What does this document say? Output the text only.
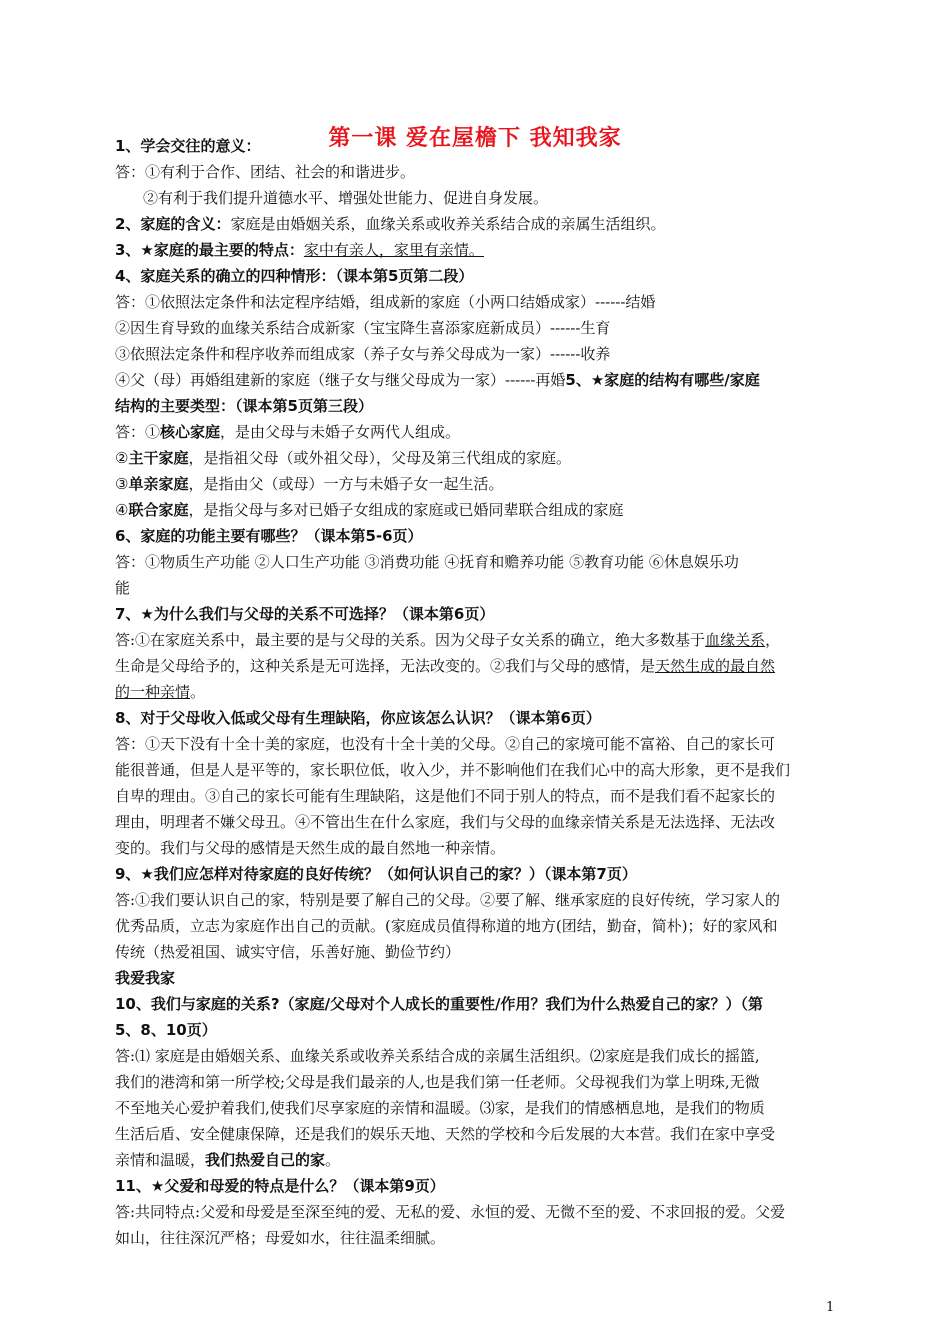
第一课 爱在屋檐下 我知我家
1、学会交往的意义：
答：①有利于合作、团结、社会的和谐进步。
②有利于我们提升道德水平、增强处世能力、促进自身发展。
2、家庭的含义：家庭是由婚姻关系，血缘关系或收养关系结合成的亲属生活组织。
3、★家庭的最主要的特点：家中有亲人，家里有亲情。
4、家庭关系的确立的四种情形：（课本第5页第二段）
答：①依照法定条件和法定程序结婚，组成新的家庭（小两口结婚成家）------结婚
②因生育导致的血缘关系结合成新家（宝宝降生喜添家庭新成员）------生育
③依照法定条件和程序收养而组成家（养子女与养父母成为一家）------收养
④父（母）再婚组建新的家庭（继子女与继父母成为一家）------再婚5、★家庭的结构有哪些/家庭
结构的主要类型：（课本第5页第三段）
答：①核心家庭，是由父母与未婚子女两代人组成。
②主干家庭，是指祖父母（或外祖父母），父母及第三代组成的家庭。
③单亲家庭，是指由父（或母）一方与未婚子女一起生活。
④联合家庭，是指父母与多对已婚子女组成的家庭或已婚同辈联合组成的家庭
6、家庭的功能主要有哪些？（课本第5-6页）
答：①物质生产功能 ②人口生产功能 ③消费功能 ④抚育和赡养功能 ⑤教育功能 ⑥休息娱乐功
能
7、★为什么我们与父母的关系不可选择？（课本第6页）
答:①在家庭关系中，最主要的是与父母的关系。因为父母子女关系的确立，绝大多数基于血缘关系，
生命是父母给予的，这种关系是无可选择，无法改变的。②我们与父母的感情，是天然生成的最自然
的一种亲情。
8、对于父母收入低或父母有生理缺陷，你应该怎么认识？（课本第6页）
答：①天下没有十全十美的家庭，也没有十全十美的父母。②自己的家境可能不富裕、自己的家长可
能很普通，但是人是平等的，家长职位低，收入少，并不影响他们在我们心中的高大形象，更不是我们
自卑的理由。③自己的家长可能有生理缺陷，这是他们不同于别人的特点，而不是我们看不起家长的
理由，明理者不嫌父母丑。④不管出生在什么家庭，我们与父母的血缘亲情关系是无法选择、无法改
变的。我们与父母的感情是天然生成的最自然地一种亲情。
9、★我们应怎样对待家庭的良好传统？（如何认识自己的家？）（课本第7页）
答:①我们要认识自己的家，特别是要了解自己的父母。②要了解、继承家庭的良好传统，学习家人的
优秀品质，立志为家庭作出自己的贡献。(家庭成员值得称道的地方(团结，勤奋，简朴)；好的家风和
传统（热爱祖国、诚实守信，乐善好施、勤俭节约）
我爱我家
10、我们与家庭的关系?（家庭/父母对个人成长的重要性/作用？我们为什么热爱自己的家？）（第
5、8、10页）
答:⑴ 家庭是由婚姻关系、血缘关系或收养关系结合成的亲属生活组织。⑵家庭是我们成长的摇篮,
我们的港湾和第一所学校;父母是我们最亲的人,也是我们第一任老师。父母视我们为掌上明珠,无微
不至地关心爱护着我们,使我们尽享家庭的亲情和温暖。⑶家，是我们的情感栖息地，是我们的物质
生活后盾、安全健康保障，还是我们的娱乐天地、天然的学校和今后发展的大本营。我们在家中享受
亲情和温暖，我们热爱自己的家。
11、★父爱和母爱的特点是什么？（课本第9页）
答:共同特点:父爱和母爱是至深至纯的爱、无私的爱、永恒的爱、无微不至的爱、不求回报的爱。父爱
如山，往往深沉严格；母爱如水，往往温柔细腻。
1
